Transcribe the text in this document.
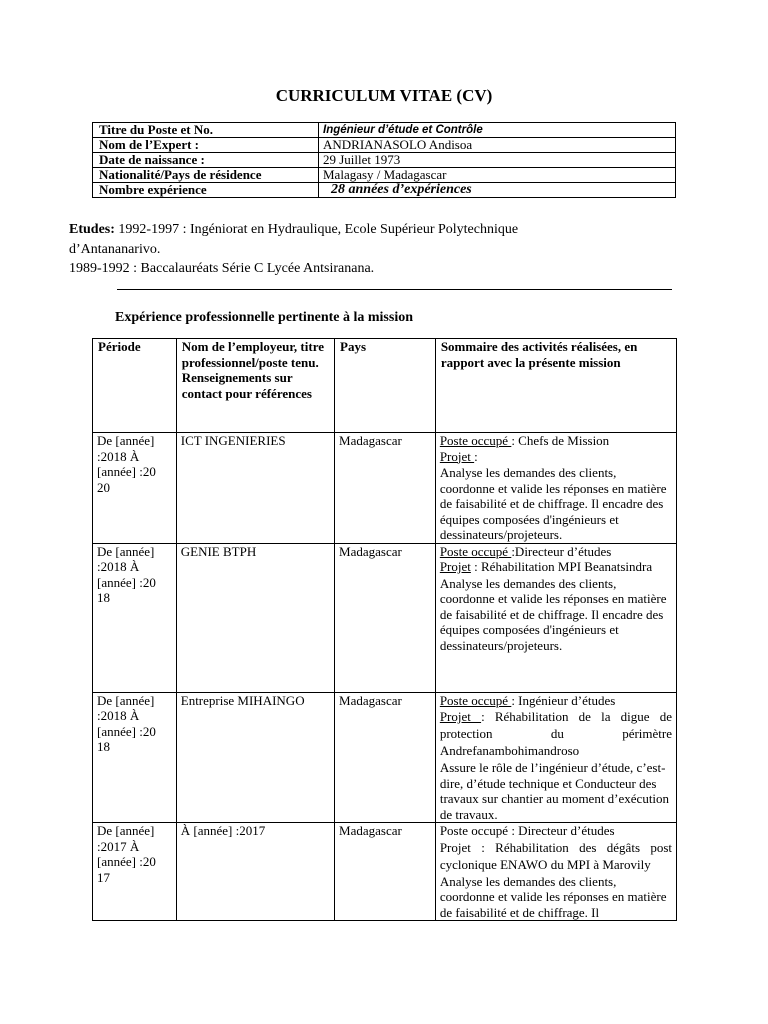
CURRICULUM VITAE (CV)
Titre du Poste et No.	Ingénieur d’étude et Contrôle
Nom de l’Expert :	ANDRIANASOLO Andisoa
Date de naissance :	29 Juillet 1973
Nationalité/Pays de résidence	Malagasy / Madagascar
Nombre expérience	28 années d’expériences
Etudes: 1992-1997 : Ingéniorat en Hydraulique, Ecole Supérieur Polytechnique d’Antananarivo.
1989-1992 : Baccalauréats Série C Lycée Antsiranana.
Expérience professionnelle pertinente à la mission
Période	Nom de l’employeur, titre professionnel/poste tenu. Renseignements sur contact pour références	Pays	Sommaire des activités réalisées, en rapport avec la présente mission
De [année] :2018 À [année] :20 20	ICT INGENIERIES	Madagascar	Poste occupé : Chefs de Mission
Projet :
Analyse les demandes des clients, coordonne et valide les réponses en matière de faisabilité et de chiffrage. Il encadre des équipes composées d'ingénieurs et dessinateurs/projeteurs.

De [année] :2018 À [année] :20 18	GENIE BTPH	Madagascar	Poste occupé :Directeur d’études
Projet : Réhabilitation MPI Beanatsindra
Analyse les demandes des clients, coordonne et valide les réponses en matière de faisabilité et de chiffrage. Il encadre des équipes composées d'ingénieurs et dessinateurs/projeteurs.

De [année] :2018 À [année] :20 18	Entreprise MIHAINGO	Madagascar	Poste occupé : Ingénieur d’études
Projet : Réhabilitation de la digue de protection du périmètre Andrefanambohimandroso
Assure le rôle de l’ingénieur d’étude, c’est-dire, d’étude technique et Conducteur des travaux sur chantier au moment d’exécution de travaux.

De [année] :2017 À [année] :20 17	À [année] :2017	Madagascar	Poste occupé : Directeur d’études
Projet : Réhabilitation des dégâts post cyclonique ENAWO du MPI à Marovily
Analyse les demandes des clients, coordonne et valide les réponses en matière de faisabilité et de chiffrage. Il
